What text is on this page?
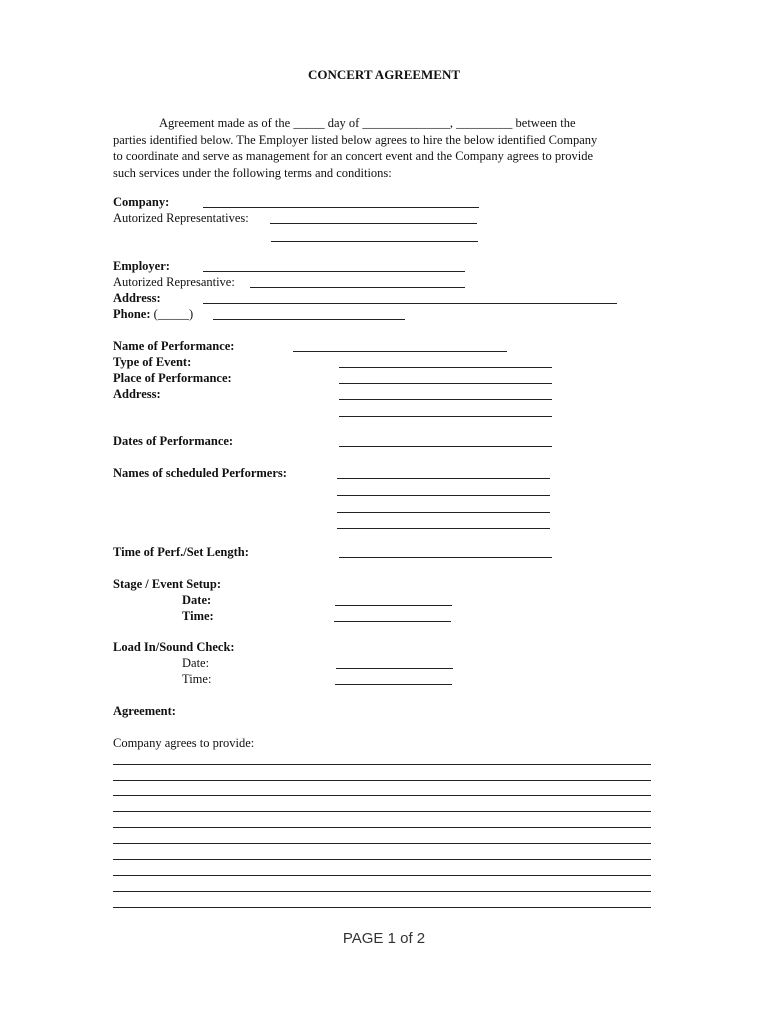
CONCERT AGREEMENT
Agreement made as of the _____ day of ______________, _________ between the
parties identified below. The Employer listed below agrees to hire the below identified Company
to coordinate and serve as management for an concert event and the Company agrees to provide
such services under the following terms and conditions:
Company:
Autorized Representatives:
Employer:
Autorized Represantive:
Address:
Phone: (_____)
Name of Performance:
Type of Event:
Place of Performance:
Address:
Dates of Performance:
Names of scheduled Performers:
Time of Perf./Set Length:
Stage / Event Setup:
Date:
Time:
Load In/Sound Check:
Date:
Time:
Agreement:
Company agrees to provide:
PAGE 1 of 2
